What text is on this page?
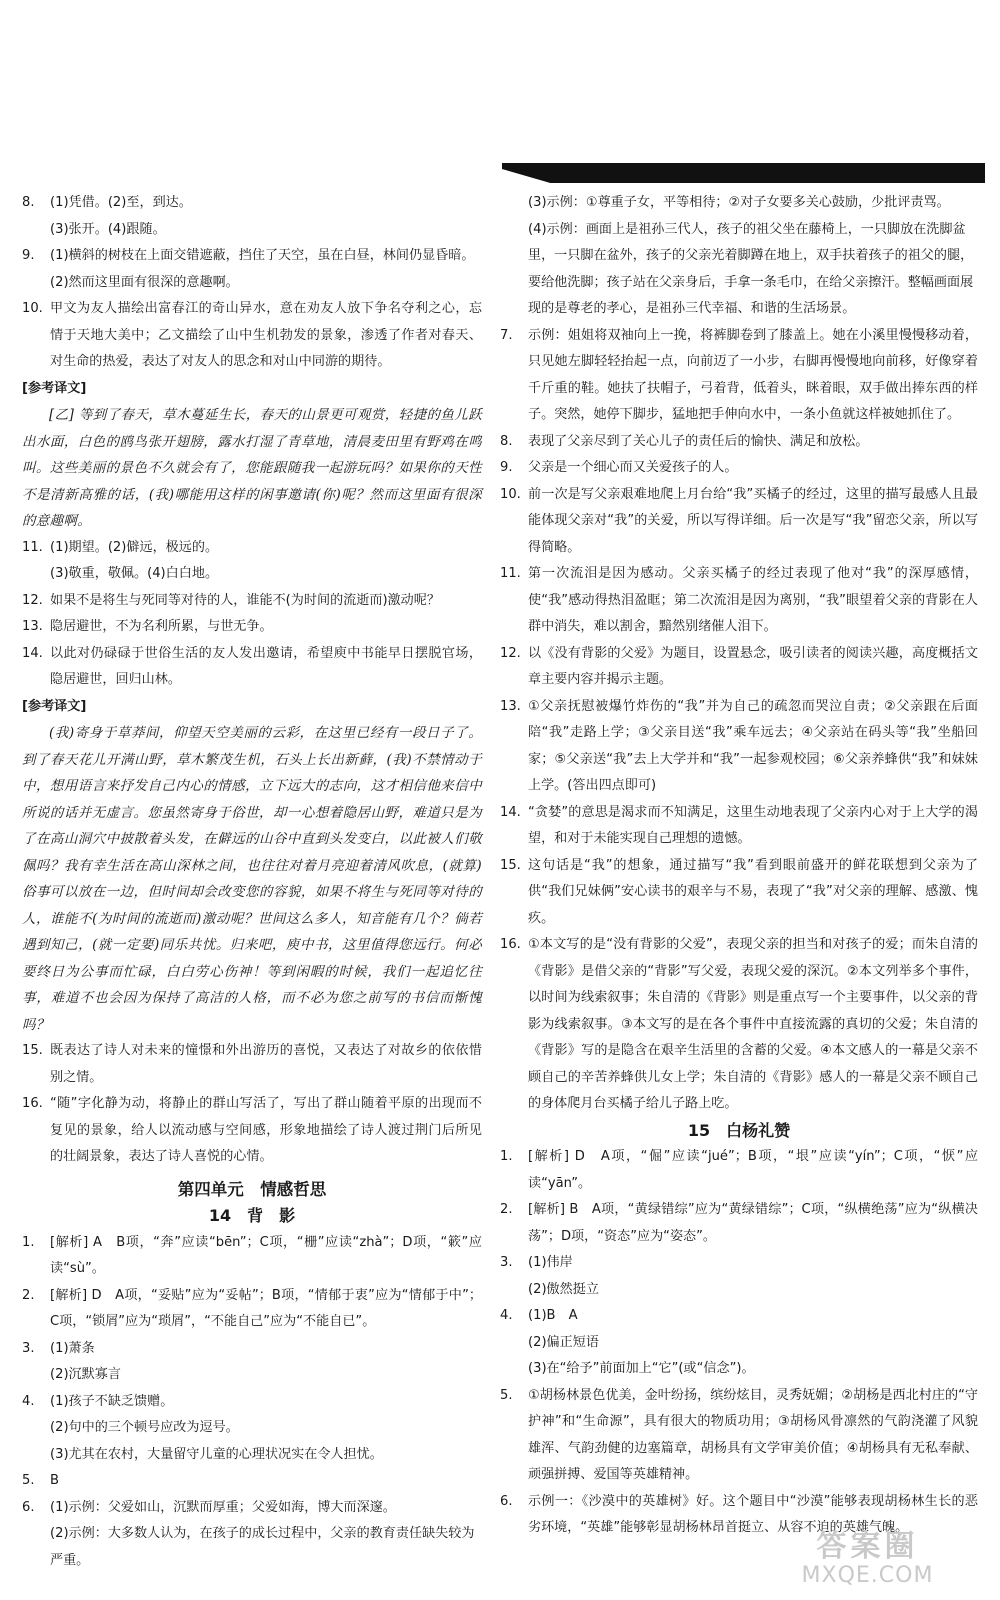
8.	(1)凭借。(2)至，到达。
(3)张开。(4)跟随。
9.	(1)横斜的树枝在上面交错遮蔽，挡住了天空，虽在白昼，林间仍显昏暗。
(2)然而这里面有很深的意趣啊。
10. 甲文为友人描绘出富春江的奇山异水，意在劝友人放下争名夺利之心，忘情于天地大美中；乙文描绘了山中生机勃发的景象，渗透了作者对春天、对生命的热爱，表达了对友人的思念和对山中同游的期待。
[参考译文]
[乙] 等到了春天，草木蔓延生长，春天的山景更可观赏，轻捷的鱼儿跃出水面，白色的鸥鸟张开翅膀，露水打湿了青草地，清晨麦田里有野鸡在鸣叫。这些美丽的景色不久就会有了，您能跟随我一起游玩吗？如果你的天性不是清新高雅的话，(我)哪能用这样的闲事邀请(你)呢？然而这里面有很深的意趣啊。
11. (1)期望。(2)僻远，极远的。
(3)敬重，敬佩。(4)白白地。
12. 如果不是将生与死同等对待的人，谁能不(为时间的流逝而)激动呢？
13. 隐居避世，不为名利所累，与世无争。
14. 以此对仍碌碌于世俗生活的友人发出邀请，希望庾中书能早日摆脱官场，隐居避世，回归山林。
[参考译文]
(我)寄身于草莽间，仰望天空美丽的云彩，在这里已经有一段日子了。到了春天花儿开满山野，草木繁茂生机，石头上长出新藓，(我)不禁情动于中，想用语言来抒发自己内心的情感，立下远大的志向，这才相信他来信中所说的话并无虚言。您虽然寄身于俗世，却一心想着隐居山野，难道只是为了在高山洞穴中披散着头发，在僻远的山谷中直到头发变白，以此被人们敬佩吗？我有幸生活在高山深林之间，也往往对着月亮迎着清风吹息，(就算)俗事可以放在一边，但时间却会改变您的容貌，如果不将生与死同等对待的人，谁能不(为时间的流逝而)激动呢？世间这么多人，知音能有几个？倘若遇到知己，(就一定要)同乐共忧。归来吧，庾中书，这里值得您远行。何必要终日为公事而忙碌，白白劳心伤神！等到闲暇的时候，我们一起追忆往事，难道不也会因为保持了高洁的人格，而不必为您之前写的书信而惭愧吗？
15. 既表达了诗人对未来的憧憬和外出游历的喜悦，又表达了对故乡的依依惜别之情。
16. “随”字化静为动，将静止的群山写活了，写出了群山随着平原的出现而不复见的景象，给人以流动感与空间感，形象地描绘了诗人渡过荆门后所见的壮阔景象，表达了诗人喜悦的心情。
第四单元　情感哲思
14　背　影
1.	[解析] A　B项，“奔”应读“bēn”；C项，“栅”应读“zhà”；D项，“簌”应读“sù”。
2.	[解析] D　A项，“妥贴”应为“妥帖”；B项，“情郁于衷”应为“情郁于中”；C项，“锁屑”应为“琐屑”，“不能自己”应为“不能自已”。
3.	(1)萧条
(2)沉默寡言
4.	(1)孩子不缺乏馈赠。
(2)句中的三个顿号应改为逗号。
(3)尤其在农村，大量留守儿童的心理状况实在令人担忧。
5.	B
6.	(1)示例：父爱如山，沉默而厚重；父爱如海，博大而深邃。
(2)示例：大多数人认为，在孩子的成长过程中，父亲的教育责任缺失较为严重。
(3)示例：①尊重子女，平等相待；②对子女要多关心鼓励，少批评责骂。
(4)示例：画面上是祖孙三代人，孩子的祖父坐在藤椅上，一只脚放在洗脚盆里，一只脚在盆外，孩子的父亲光着脚蹲在地上，双手扶着孩子的祖父的腿，要给他洗脚；孩子站在父亲身后，手拿一条毛巾，在给父亲擦汗。整幅画面展现的是尊老的孝心，是祖孙三代幸福、和谐的生活场景。
7.	示例：姐姐将双袖向上一挽，将裤脚卷到了膝盖上。她在小溪里慢慢移动着，只见她左脚轻轻抬起一点，向前迈了一小步，右脚再慢慢地向前移，好像穿着千斤重的鞋。她扶了扶帽子，弓着背，低着头，眯着眼，双手做出捧东西的样子。突然，她停下脚步，猛地把手伸向水中，一条小鱼就这样被她抓住了。
8.	表现了父亲尽到了关心儿子的责任后的愉快、满足和放松。
9.	父亲是一个细心而又关爱孩子的人。
10. 前一次是写父亲艰难地爬上月台给“我”买橘子的经过，这里的描写最感人且最能体现父亲对“我”的关爱，所以写得详细。后一次是写“我”留恋父亲，所以写得简略。
11. 第一次流泪是因为感动。父亲买橘子的经过表现了他对“我”的深厚感情，使“我”感动得热泪盈眶；第二次流泪是因为离别，“我”眼望着父亲的背影在人群中消失，难以割舍，黯然别绪催人泪下。
12. 以《没有背影的父爱》为题目，设置悬念，吸引读者的阅读兴趣，高度概括文章主要内容并揭示主题。
13. ①父亲抚慰被爆竹炸伤的“我”并为自己的疏忽而哭泣自责；②父亲跟在后面陪“我”走路上学；③父亲目送“我”乘车远去；④父亲站在码头等“我”坐船回家；⑤父亲送“我”去上大学并和“我”一起参观校园；⑥父亲养蜂供“我”和妹妹上学。(答出四点即可)
14. “贪婪”的意思是渴求而不知满足，这里生动地表现了父亲内心对于上大学的渴望，和对于未能实现自己理想的遗憾。
15. 这句话是“我”的想象，通过描写“我”看到眼前盛开的鲜花联想到父亲为了供“我们兄妹俩”安心读书的艰辛与不易，表现了“我”对父亲的理解、感激、愧疚。
16. ①本文写的是“没有背影的父爱”，表现父亲的担当和对孩子的爱；而朱自清的《背影》是借父亲的“背影”写父爱，表现父爱的深沉。②本文列举多个事件，以时间为线索叙事；朱自清的《背影》则是重点写一个主要事件，以父亲的背影为线索叙事。③本文写的是在各个事件中直接流露的真切的父爱；朱自清的《背影》写的是隐含在艰辛生活里的含蓄的父爱。④本文感人的一幕是父亲不顾自己的辛苦养蜂供儿女上学；朱自清的《背影》感人的一幕是父亲不顾自己的身体爬月台买橘子给儿子路上吃。
15　白杨礼赞
1.	[解析] D　A项，“倔”应读“jué”；B项，“垠”应读“yín”；C项，“恹”应读“yān”。
2.	[解析] B　A项，“黄绿错综”应为“黄绿错综”；C项，“纵横绝荡”应为“纵横决荡”；D项，“资态”应为“姿态”。
3.	(1)伟岸
(2)傲然挺立
4.	(1)B　A
(2)偏正短语
(3)在“给予”前面加上“它”(或“信念”)。
5.	①胡杨林景色优美，金叶纷扬，缤纷炫目，灵秀妩媚；②胡杨是西北村庄的“守护神”和“生命源”，具有很大的物质功用；③胡杨风骨凛然的气韵浇灌了风貌雄浑、气韵劲健的边塞篇章，胡杨具有文学审美价值；④胡杨具有无私奉献、顽强拼搏、爱国等英雄精神。
6.	示例一：《沙漠中的英雄树》好。这个题目中“沙漠”能够表现胡杨林生长的恶劣环境，“英雄”能够彰显胡杨林昂首挺立、从容不迫的英雄气魄。
答案圈
MXQE.COM
